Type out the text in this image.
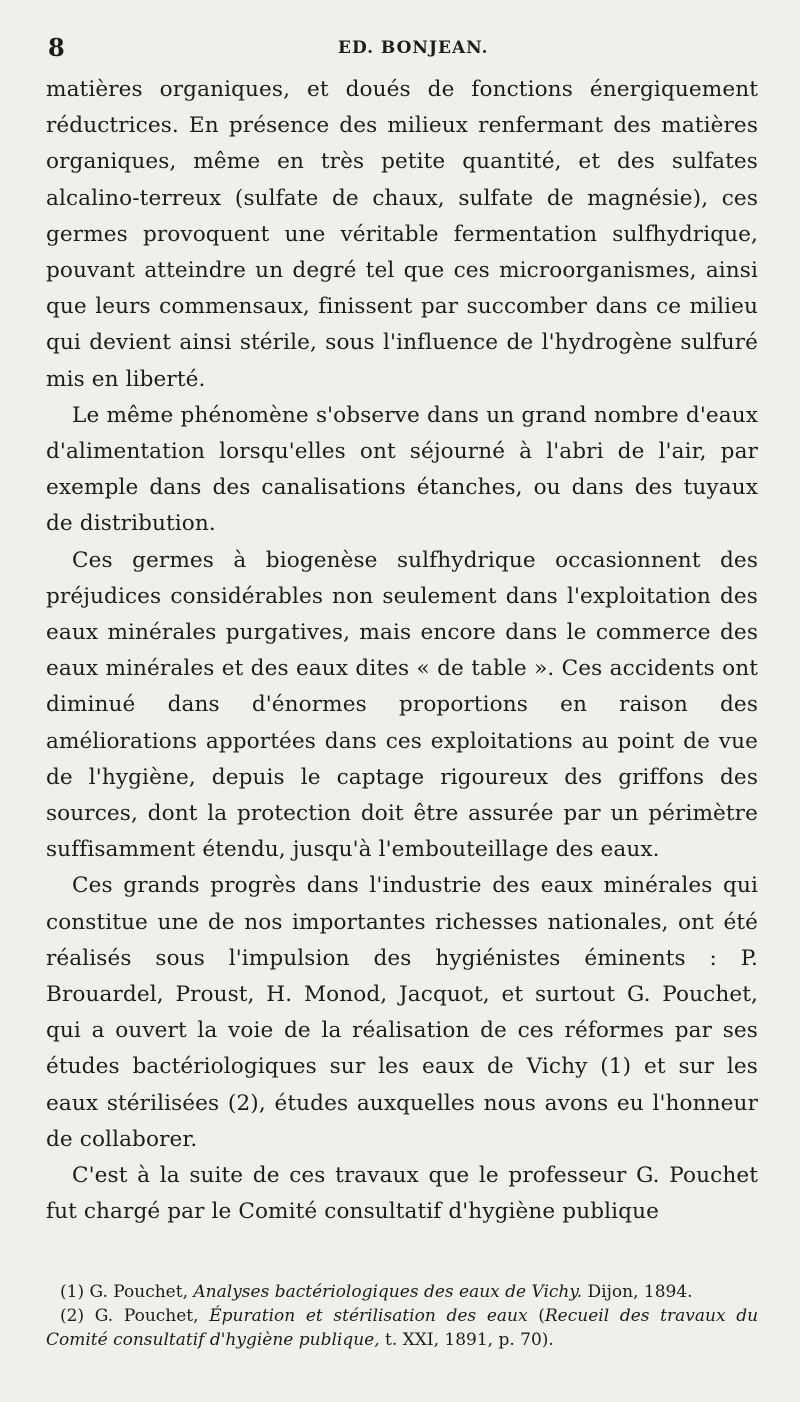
8	ED. BONJEAN.

matières organiques, et doués de fonctions énergiquement réductrices. En présence des milieux renfermant des matières organiques, même en très petite quantité, et des sulfates alcalino-terreux (sulfate de chaux, sulfate de magnésie), ces germes provoquent une véritable fermentation sulfhydrique, pouvant atteindre un degré tel que ces microorganismes, ainsi que leurs commensaux, finissent par succomber dans ce milieu qui devient ainsi stérile, sous l'influence de l'hydrogène sulfuré mis en liberté.

Le même phénomène s'observe dans un grand nombre d'eaux d'alimentation lorsqu'elles ont séjourné à l'abri de l'air, par exemple dans des canalisations étanches, ou dans des tuyaux de distribution.

Ces germes à biogenèse sulfhydrique occasionnent des préjudices considérables non seulement dans l'exploitation des eaux minérales purgatives, mais encore dans le commerce des eaux minérales et des eaux dites « de table ». Ces accidents ont diminué dans d'énormes proportions en raison des améliorations apportées dans ces exploitations au point de vue de l'hygiène, depuis le captage rigoureux des griffons des sources, dont la protection doit être assurée par un périmètre suffisamment étendu, jusqu'à l'embouteillage des eaux.

Ces grands progrès dans l'industrie des eaux minérales qui constitue une de nos importantes richesses nationales, ont été réalisés sous l'impulsion des hygiénistes éminents : P. Brouardel, Proust, H. Monod, Jacquot, et surtout G. Pouchet, qui a ouvert la voie de la réalisation de ces réformes par ses études bactériologiques sur les eaux de Vichy (1) et sur les eaux stérilisées (2), études auxquelles nous avons eu l'honneur de collaborer.

C'est à la suite de ces travaux que le professeur G. Pouchet fut chargé par le Comité consultatif d'hygiène publique

(1) G. Pouchet, Analyses bactériologiques des eaux de Vichy. Dijon, 1894.

(2) G. Pouchet, Épuration et stérilisation des eaux (Recueil des travaux du Comité consultatif d'hygiène publique, t. XXI, 1891, p. 70).
